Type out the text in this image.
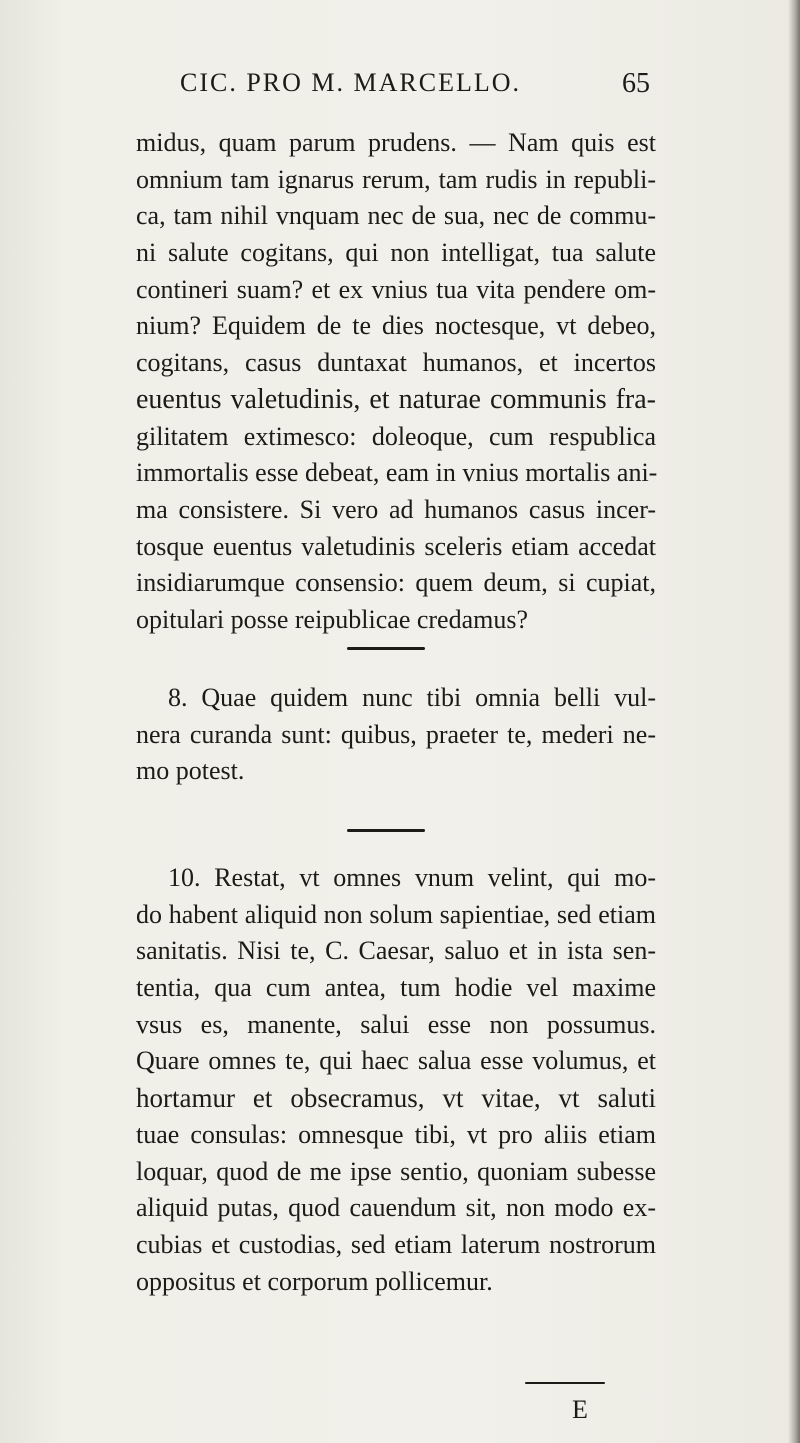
CIC. PRO M. MARCELLO.	65
midus, quam parum prudens. — Nam quis est
omnium tam ignarus rerum, tam rudis in republi-
ca, tam nihil vnquam nec de sua, nec de commu-
ni salute cogitans, qui non intelligat, tua salute
contineri suam? et ex vnius tua vita pendere om-
nium? Equidem de te dies noctesque, vt debeo,
cogitans, casus duntaxat humanos, et incertos
euentus valetudinis, et naturae communis fra-
gilitatem extimesco: doleoque, cum respublica
immortalis esse debeat, eam in vnius mortalis ani-
ma consistere. Si vero ad humanos casus incer-
tosque euentus valetudinis sceleris etiam accedat
insidiarumque consensio: quem deum, si cupiat,
opitulari posse reipublicae credamus?
8. Quae quidem nunc tibi omnia belli vul-
nera curanda sunt: quibus, praeter te, mederi ne-
mo potest.
10. Restat, vt omnes vnum velint, qui mo-
do habent aliquid non solum sapientiae, sed etiam
sanitatis. Nisi te, C. Caesar, saluo et in ista sen-
tentia, qua cum antea, tum hodie vel maxime
vsus es, manente, salui esse non possumus.
Quare omnes te, qui haec salua esse volumus, et
hortamur et obsecramus, vt vitae, vt saluti
tuae consulas: omnesque tibi, vt pro aliis etiam
loquar, quod de me ipse sentio, quoniam subesse
aliquid putas, quod cauendum sit, non modo ex-
cubias et custodias, sed etiam laterum nostrorum
oppositus et corporum pollicemur.
E
